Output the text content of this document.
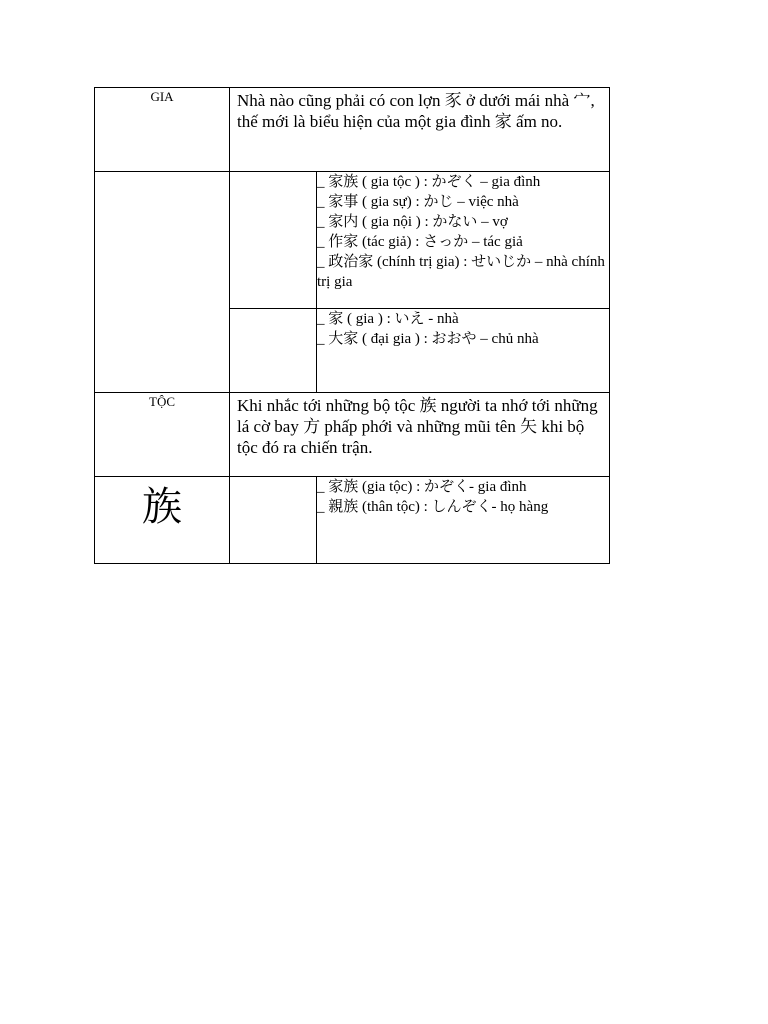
GIA	Nhà nào cũng phải có con lợn 豕 ở dưới mái nhà 宀, thế mới là biểu hiện của một gia đình 家 ấm no.	

		_ 家族 ( gia tộc ) : かぞく – gia đình
_ 家事 ( gia sự) : かじ – việc nhà
_ 家内 ( gia nội ) : かない – vợ
_ 作家 (tác giả) : さっか – tác giả
_ 政治家 (chính trị gia) : せいじか – nhà chính trị gia

		_ 家 ( gia ) : いえ - nhà
_ 大家 ( đại gia ) : おおや – chủ nhà

TỘC	Khi nhắc tới những bộ tộc 族 người ta nhớ tới những lá cờ bay 方 phấp phới và những mũi tên 矢 khi bộ tộc đó ra chiến trận.	

族		_ 家族 (gia tộc) : かぞく- gia đình
_ 親族 (thân tộc) : しんぞく- họ hàng
